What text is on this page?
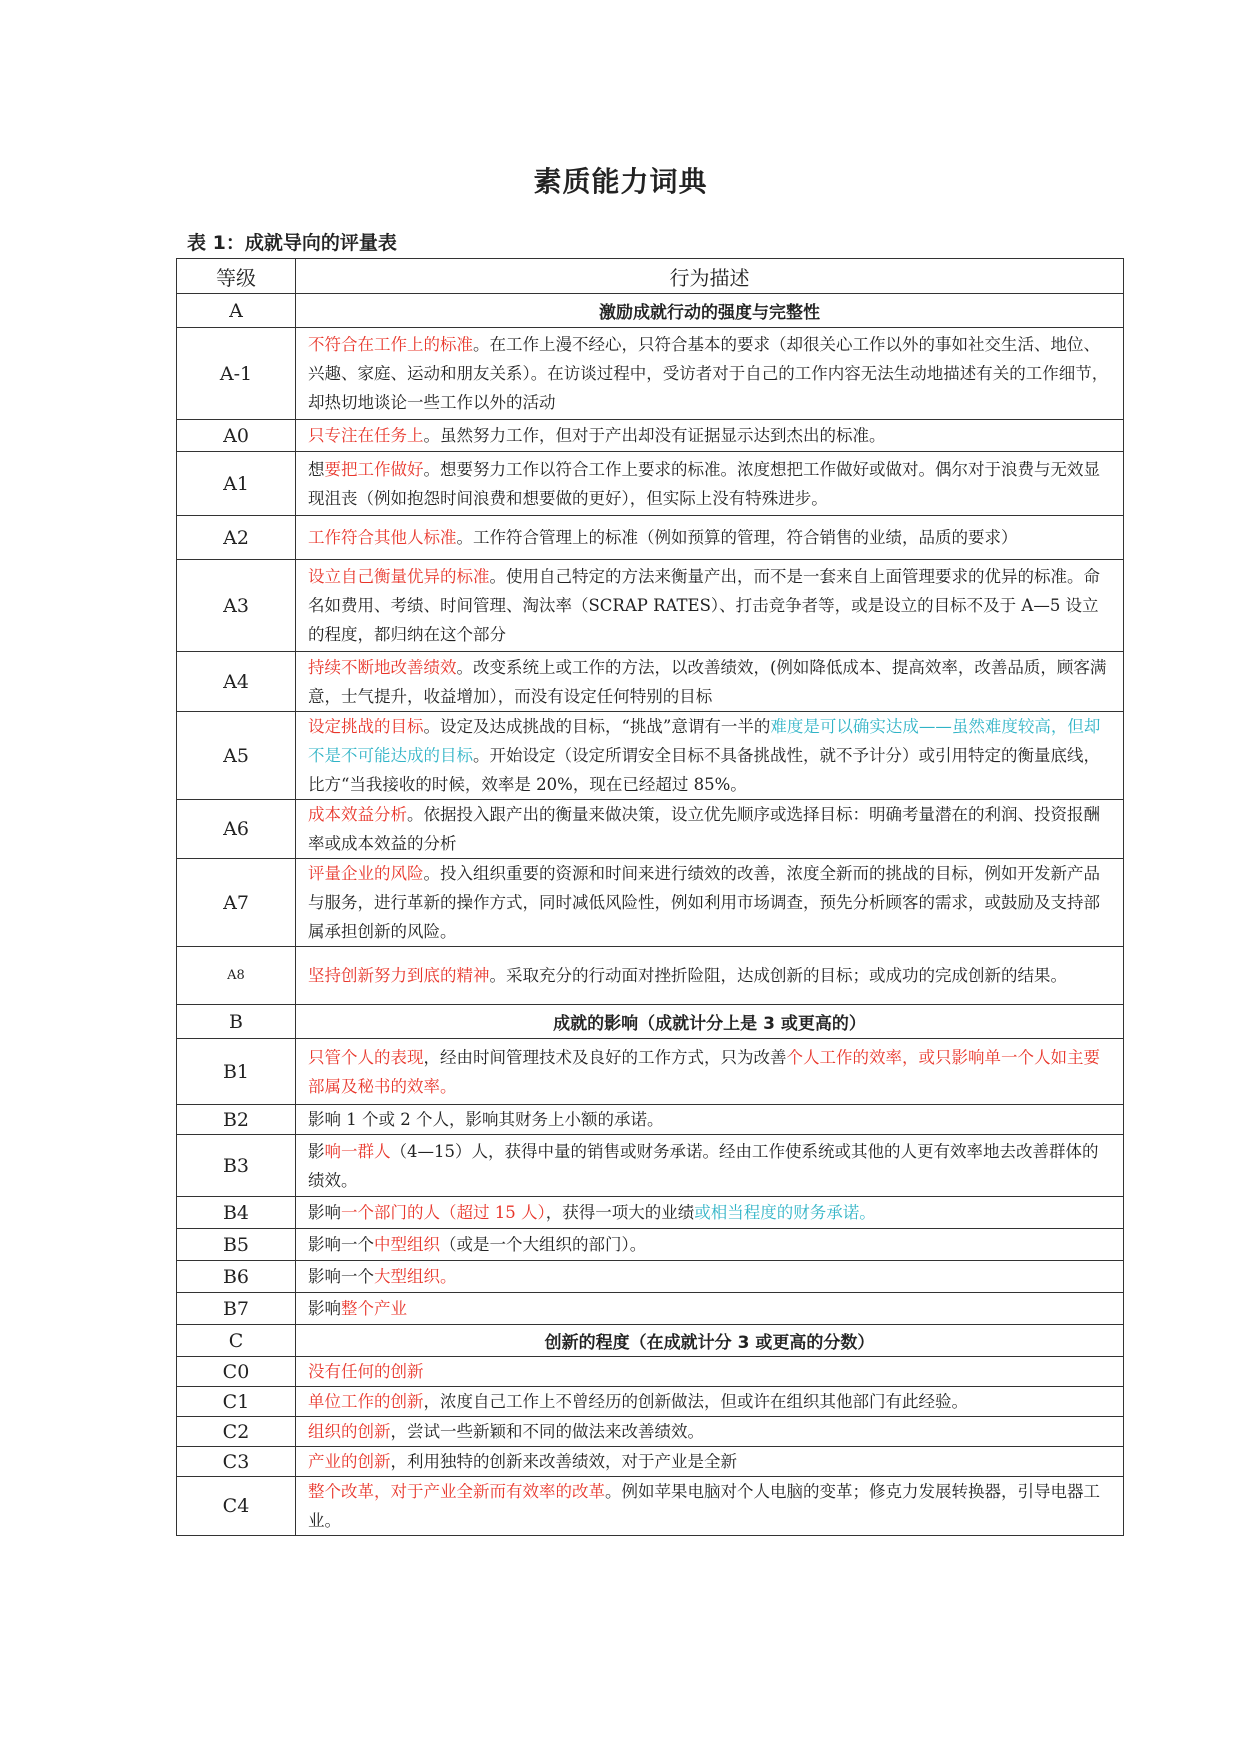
素质能力词典
表 1：成就导向的评量表
等级	行为描述
A	激励成就行动的强度与完整性
A-1	不符合在工作上的标准。在工作上漫不经心，只符合基本的要求（却很关心工作以外的事如社交生活、地位、兴趣、家庭、运动和朋友关系）。在访谈过程中，受访者对于自己的工作内容无法生动地描述有关的工作细节，却热切地谈论一些工作以外的活动
A0	只专注在任务上。虽然努力工作，但对于产出却没有证据显示达到杰出的标准。
A1	想要把工作做好。想要努力工作以符合工作上要求的标准。浓度想把工作做好或做对。偶尔对于浪费与无效显现沮丧（例如抱怨时间浪费和想要做的更好），但实际上没有特殊进步。
A2	工作符合其他人标准。工作符合管理上的标准（例如预算的管理，符合销售的业绩，品质的要求）
A3	设立自己衡量优异的标准。使用自己特定的方法来衡量产出，而不是一套来自上面管理要求的优异的标准。命名如费用、考绩、时间管理、淘汰率（SCRAP RATES）、打击竞争者等，或是设立的目标不及于 A—5 设立的程度，都归纳在这个部分
A4	持续不断地改善绩效。改变系统上或工作的方法，以改善绩效，(例如降低成本、提高效率，改善品质，顾客满意，士气提升，收益增加），而没有设定任何特别的目标
A5	设定挑战的目标。设定及达成挑战的目标，“挑战”意谓有一半的难度是可以确实达成——虽然难度较高，但却不是不可能达成的目标。开始设定（设定所谓安全目标不具备挑战性，就不予计分）或引用特定的衡量底线，比方“当我接收的时候，效率是 20%，现在已经超过 85%。
A6	成本效益分析。依据投入跟产出的衡量来做决策，设立优先顺序或选择目标：明确考量潜在的利润、投资报酬率或成本效益的分析
A7	评量企业的风险。投入组织重要的资源和时间来进行绩效的改善，浓度全新而的挑战的目标，例如开发新产品与服务，进行革新的操作方式，同时减低风险性，例如利用市场调查，预先分析顾客的需求，或鼓励及支持部属承担创新的风险。
A8	坚持创新努力到底的精神。采取充分的行动面对挫折险阻，达成创新的目标；或成功的完成创新的结果。
B	成就的影响（成就计分上是 3 或更高的）
B1	只管个人的表现，经由时间管理技术及良好的工作方式，只为改善个人工作的效率，或只影响单一个人如主要部属及秘书的效率。
B2	影响 1 个或 2 个人，影响其财务上小额的承诺。
B3	影响一群人（4—15）人，获得中量的销售或财务承诺。经由工作使系统或其他的人更有效率地去改善群体的绩效。
B4	影响一个部门的人（超过 15 人），获得一项大的业绩或相当程度的财务承诺。
B5	影响一个中型组织（或是一个大组织的部门）。
B6	影响一个大型组织。
B7	影响整个产业
C	创新的程度（在成就计分 3 或更高的分数）
C0	没有任何的创新
C1	单位工作的创新，浓度自己工作上不曾经历的创新做法，但或许在组织其他部门有此经验。
C2	组织的创新，尝试一些新颖和不同的做法来改善绩效。
C3	产业的创新，利用独特的创新来改善绩效，对于产业是全新
C4	整个改革，对于产业全新而有效率的改革。例如苹果电脑对个人电脑的变革；修克力发展转换器，引导电器工业。
